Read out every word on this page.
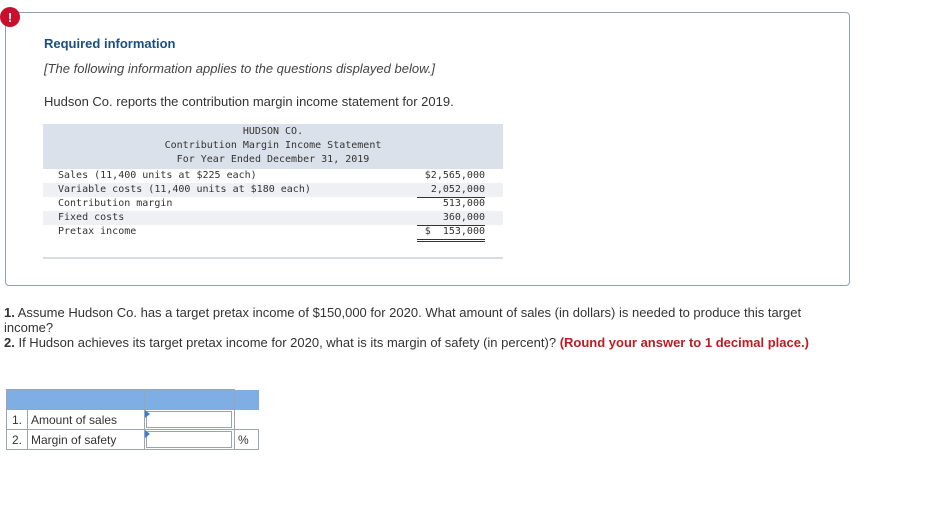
!
Required information
[The following information applies to the questions displayed below.]
Hudson Co. reports the contribution margin income statement for 2019.
HUDSON CO.
Contribution Margin Income Statement
For Year Ended December 31, 2019
Sales (11,400 units at $225 each)	$2,565,000
Variable costs (11,400 units at $180 each)	2,052,000
Contribution margin	513,000
Fixed costs	360,000
Pretax income	$  153,000

1. Assume Hudson Co. has a target pretax income of $150,000 for 2020. What amount of sales (in dollars) is needed to produce this target income?

2. If Hudson achieves its target pretax income for 2020, what is its margin of safety (in percent)? (Round your answer to 1 decimal place.)

1.	Amount of sales	

2.	Margin of safety		%
